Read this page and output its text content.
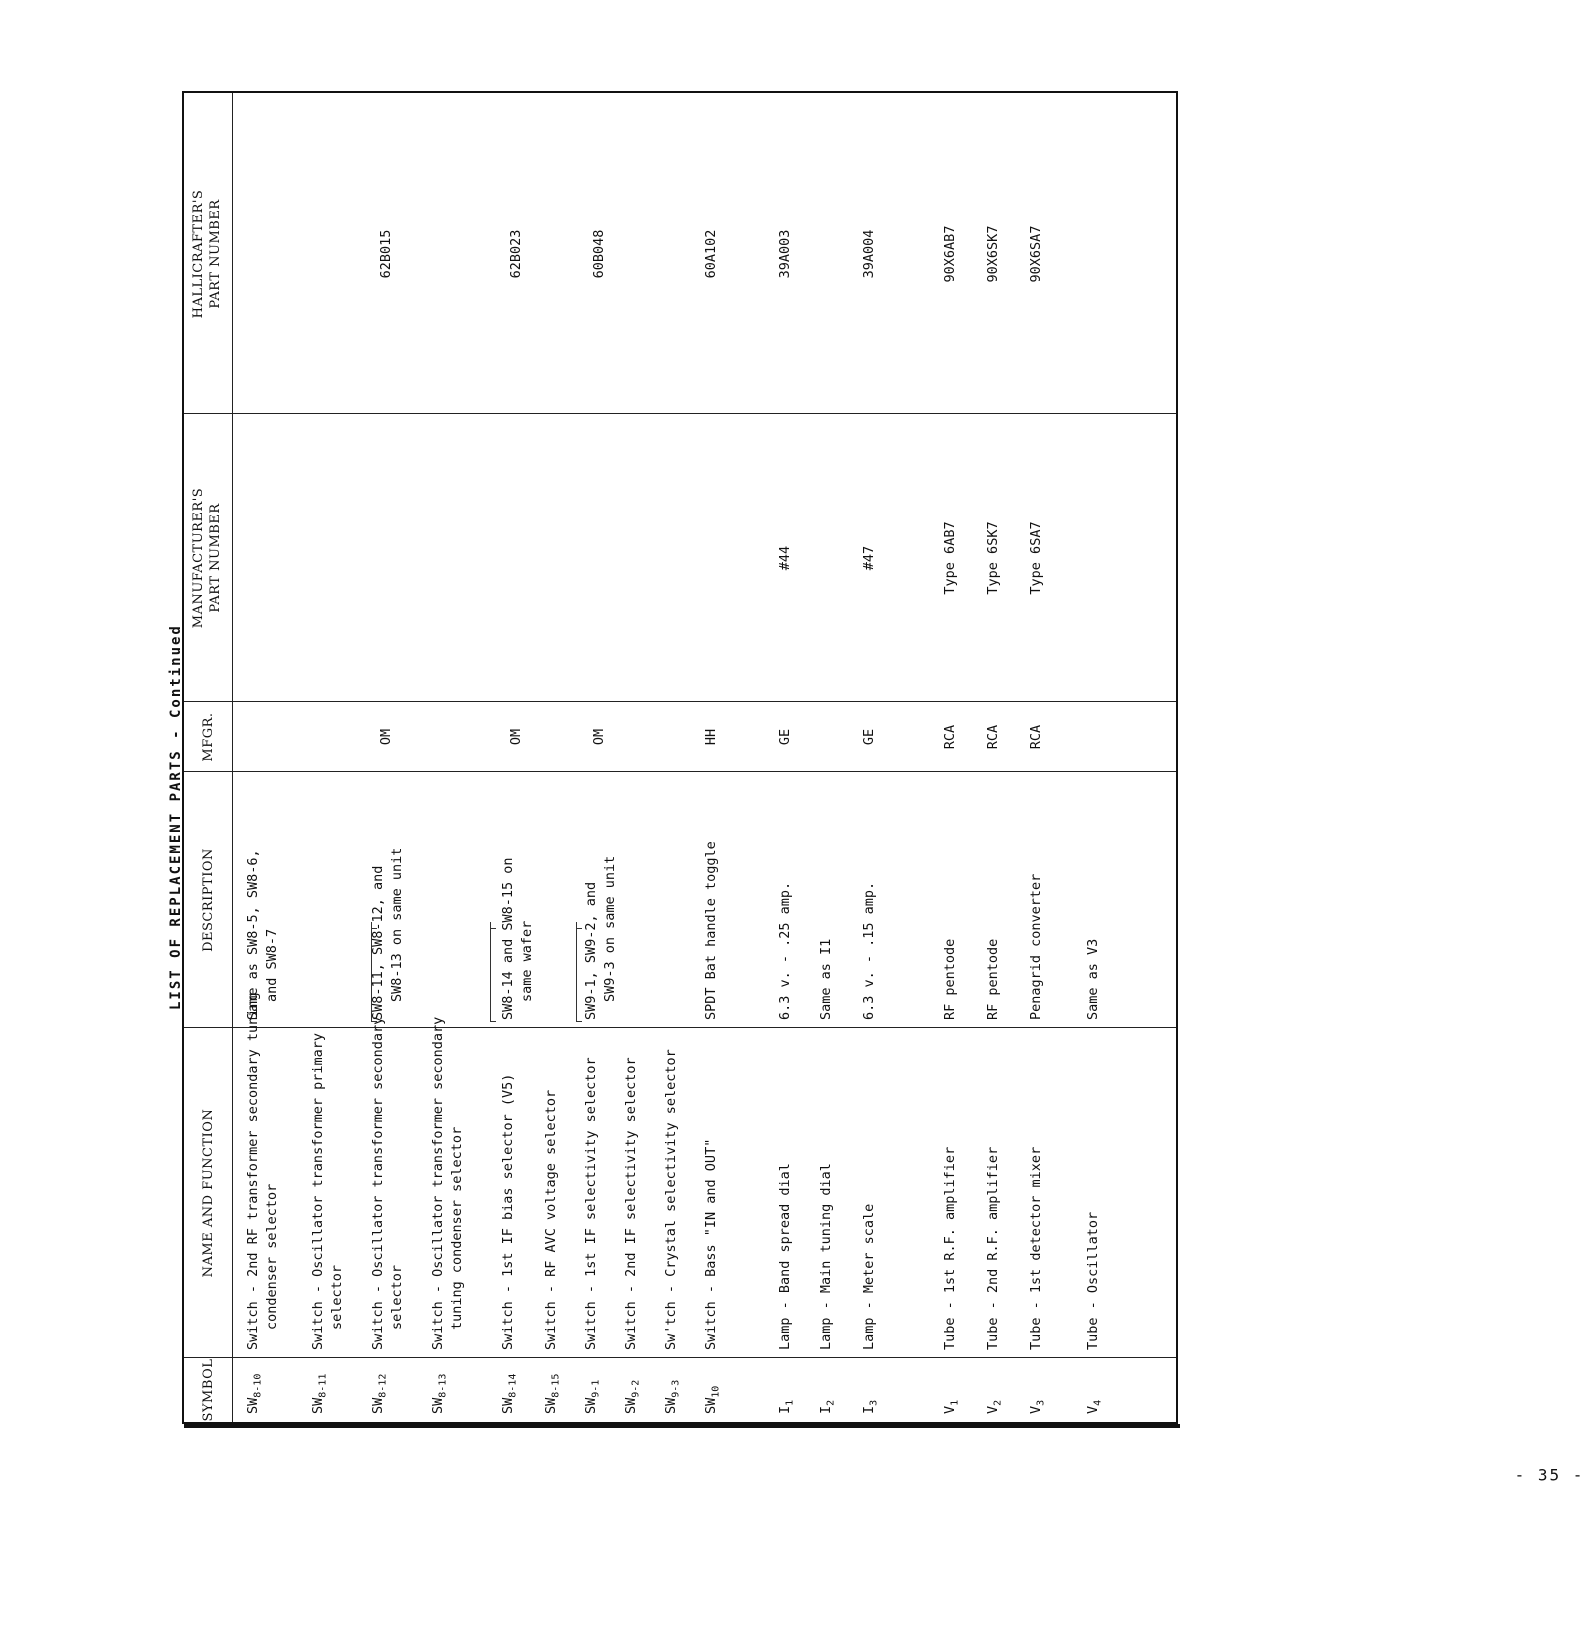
LIST OF REPLACEMENT PARTS - Continued
SYMBOL
NAME AND FUNCTION
DESCRIPTION
MFGR.
MANUFACTURER'S PART NUMBER
HALLICRAFTER'S PART NUMBER
$SW_{8-10}$
Switch - 2nd RF transformer secondary tuning condenser selector
Same as SW8-5, SW8-6, and SW8-7
$SW_{8-11}$
Switch - Oscillator transformer primary selector
$SW_{8-12}$
Switch - Oscillator transformer secondary selector
SW8-11, SW8-12, and SW8-13 on same unit
OM
62B015
$SW_{8-13}$
Switch - Oscillator transformer secondary tuning condenser selector
$SW_{8-14}$
Switch - 1st IF bias selector (V5)
SW8-14 and SW8-15 on same wafer
OM
62B023
$SW_{8-15}$
Switch - RF AVC voltage selector
$SW_{9-1}$
Switch - 1st IF selectivity selector
SW9-1, SW9-2, and SW9-3 on same unit
OM
60B048
$SW_{9-2}$
Switch - 2nd IF selectivity selector
$SW_{9-3}$
Sw'tch - Crystal selectivity selector
$SW_{10}$
Switch - Bass "IN and OUT"
SPDT Bat handle toggle
HH
60A102
$I_1$
Lamp - Band spread dial
6.3 v. - .25 amp.
GE
#44
39A003
$I_2$
Lamp - Main tuning dial
Same as I1
$I_3$
Lamp - Meter scale
6.3 v. - .15 amp.
GE
#47
39A004
$V_1$
Tube - 1st R.F. amplifier
RF pentode
RCA
Type 6AB7
90X6AB7
$V_2$
Tube - 2nd R.F. amplifier
RF pentode
RCA
Type 6SK7
90X6SK7
$V_3$
Tube - 1st detector mixer
Penagrid converter
RCA
Type 6SA7
90X6SA7
$V_4$
Tube - Oscillator
Same as V3
- 35 -
